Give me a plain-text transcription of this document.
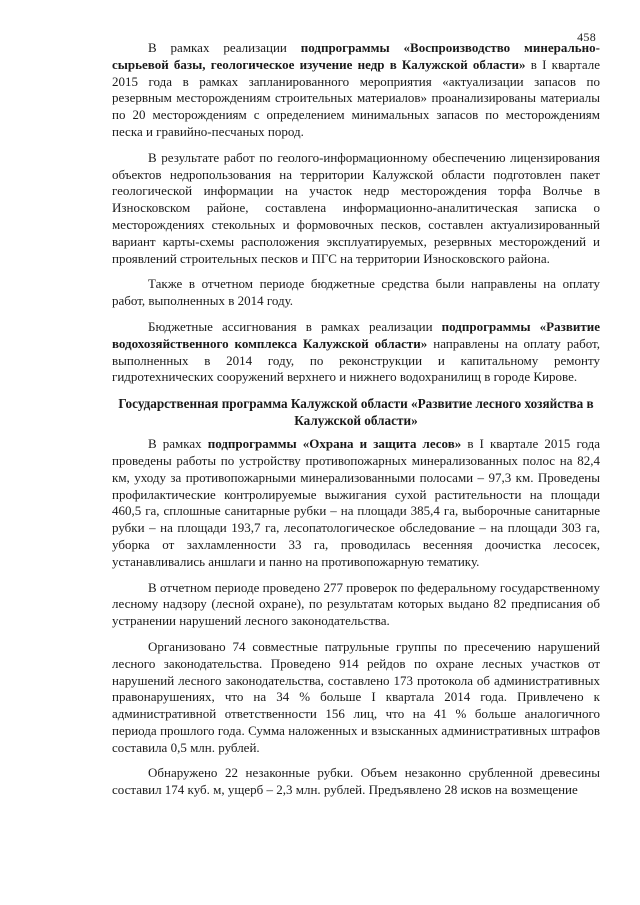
458

В рамках реализации подпрограммы «Воспроизводство минерально-сырьевой базы, геологическое изучение недр в Калужской области» в I квартале 2015 года в рамках запланированного мероприятия «актуализации запасов по резервным месторождениям строительных материалов» проанализированы материалы по 20 месторождениям с определением минимальных запасов по месторождениям песка и гравийно-песчаных пород.

В результате работ по геолого-информационному обеспечению лицензирования объектов недропользования на территории Калужской области подготовлен пакет геологической информации на участок недр месторождения торфа Волчье в Износковском районе, составлена информационно-аналитическая записка о месторождениях стекольных и формовочных песков, составлен актуализированный вариант карты-схемы расположения эксплуатируемых, резервных месторождений и проявлений строительных песков и ПГС на территории Износковского района.

Также в отчетном периоде бюджетные средства были направлены на оплату работ, выполненных в 2014 году.

Бюджетные ассигнования в рамках реализации подпрограммы «Развитие водохозяйственного комплекса Калужской области» направлены на оплату работ, выполненных в 2014 году, по реконструкции и капитальному ремонту гидротехнических сооружений верхнего и нижнего водохранилищ в городе Кирове.

Государственная программа Калужской области «Развитие лесного хозяйства в Калужской области»

В рамках подпрограммы «Охрана и защита лесов» в I квартале 2015 года проведены работы по устройству противопожарных минерализованных полос на 82,4 км, уходу за противопожарными минерализованными полосами – 97,3 км. Проведены профилактические контролируемые выжигания сухой растительности на площади 460,5 га, сплошные санитарные рубки – на площади 385,4 га, выборочные санитарные рубки – на площади 193,7 га, лесопатологическое обследование – на площади 303 га, уборка от захламленности 33 га, проводилась весенняя доочистка лесосек, устанавливались аншлаги и панно на противопожарную тематику.

В отчетном периоде проведено 277 проверок по федеральному государственному лесному надзору (лесной охране), по результатам которых выдано 82 предписания об устранении нарушений лесного законодательства.

Организовано 74 совместные патрульные группы по пресечению нарушений лесного законодательства. Проведено 914 рейдов по охране лесных участков от нарушений лесного законодательства, составлено 173 протокола об административных правонарушениях, что на 34 % больше I квартала 2014 года. Привлечено к административной ответственности 156 лиц, что на 41 % больше аналогичного периода прошлого года. Сумма наложенных и взысканных административных штрафов составила 0,5 млн. рублей.

Обнаружено 22 незаконные рубки. Объем незаконно срубленной древесины составил 174 куб. м, ущерб – 2,3 млн. рублей. Предъявлено 28 исков на возмещение
